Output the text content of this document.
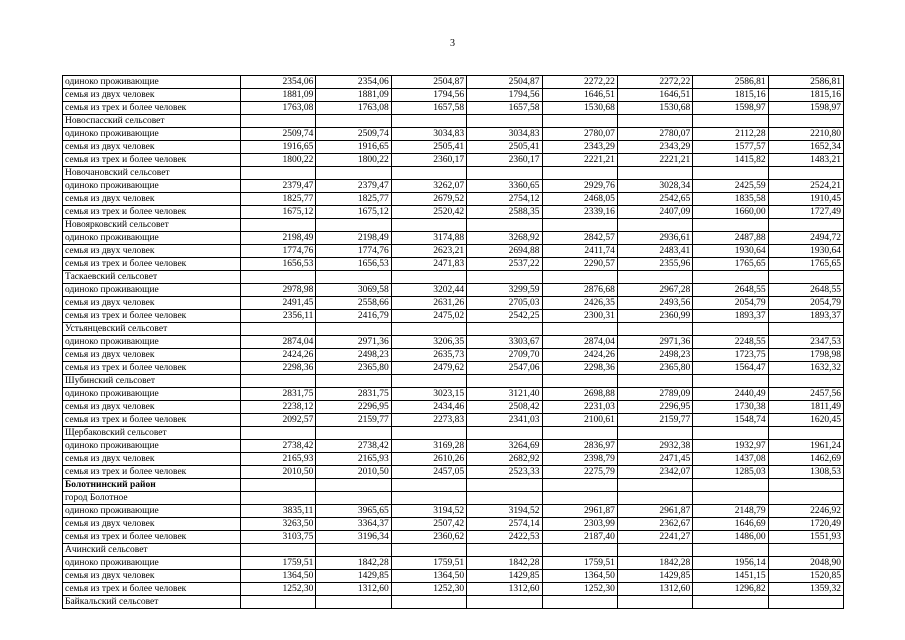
3
одиноко проживающие	2354,06	2354,06	2504,87	2504,87	2272,22	2272,22	2586,81	2586,81
семья из двух человек	1881,09	1881,09	1794,56	1794,56	1646,51	1646,51	1815,16	1815,16
семья из трех и более человек	1763,08	1763,08	1657,58	1657,58	1530,68	1530,68	1598,97	1598,97
Новоспасский сельсовет								
одиноко проживающие	2509,74	2509,74	3034,83	3034,83	2780,07	2780,07	2112,28	2210,80
семья из двух человек	1916,65	1916,65	2505,41	2505,41	2343,29	2343,29	1577,57	1652,34
семья из трех и более человек	1800,22	1800,22	2360,17	2360,17	2221,21	2221,21	1415,82	1483,21
Новочановский сельсовет								
одиноко проживающие	2379,47	2379,47	3262,07	3360,65	2929,76	3028,34	2425,59	2524,21
семья из двух человек	1825,77	1825,77	2679,52	2754,12	2468,05	2542,65	1835,58	1910,45
семья из трех и более человек	1675,12	1675,12	2520,42	2588,35	2339,16	2407,09	1660,00	1727,49
Новоярковский сельсовет								
одиноко проживающие	2198,49	2198,49	3174,88	3268,92	2842,57	2936,61	2487,88	2494,72
семья из двух человек	1774,76	1774,76	2623,21	2694,88	2411,74	2483,41	1930,64	1930,64
семья из трех и более человек	1656,53	1656,53	2471,83	2537,22	2290,57	2355,96	1765,65	1765,65
Таскаевский сельсовет								
одиноко проживающие	2978,98	3069,58	3202,44	3299,59	2876,68	2967,28	2648,55	2648,55
семья из двух человек	2491,45	2558,66	2631,26	2705,03	2426,35	2493,56	2054,79	2054,79
семья из трех и более человек	2356,11	2416,79	2475,02	2542,25	2300,31	2360,99	1893,37	1893,37
Устьянцевский сельсовет								
одиноко проживающие	2874,04	2971,36	3206,35	3303,67	2874,04	2971,36	2248,55	2347,53
семья из двух человек	2424,26	2498,23	2635,73	2709,70	2424,26	2498,23	1723,75	1798,98
семья из трех и более человек	2298,36	2365,80	2479,62	2547,06	2298,36	2365,80	1564,47	1632,32
Шубинский сельсовет								
одиноко проживающие	2831,75	2831,75	3023,15	3121,40	2698,88	2789,09	2440,49	2457,56
семья из двух человек	2238,12	2296,95	2434,46	2508,42	2231,03	2296,95	1730,38	1811,49
семья из трех и более человек	2092,57	2159,77	2273,83	2341,03	2100,61	2159,77	1548,74	1620,45
Щербаковский сельсовет								
одиноко проживающие	2738,42	2738,42	3169,28	3264,69	2836,97	2932,38	1932,97	1961,24
семья из двух человек	2165,93	2165,93	2610,26	2682,92	2398,79	2471,45	1437,08	1462,69
семья из трех и более человек	2010,50	2010,50	2457,05	2523,33	2275,79	2342,07	1285,03	1308,53
Болотнинский район								
город Болотное								
одиноко проживающие	3835,11	3965,65	3194,52	3194,52	2961,87	2961,87	2148,79	2246,92
семья из двух человек	3263,50	3364,37	2507,42	2574,14	2303,99	2362,67	1646,69	1720,49
семья из трех и более человек	3103,75	3196,34	2360,62	2422,53	2187,40	2241,27	1486,00	1551,93
Ачинский сельсовет								
одиноко проживающие	1759,51	1842,28	1759,51	1842,28	1759,51	1842,28	1956,14	2048,90
семья из двух человек	1364,50	1429,85	1364,50	1429,85	1364,50	1429,85	1451,15	1520,85
семья из трех и более человек	1252,30	1312,60	1252,30	1312,60	1252,30	1312,60	1296,82	1359,32
Байкальский сельсовет								
